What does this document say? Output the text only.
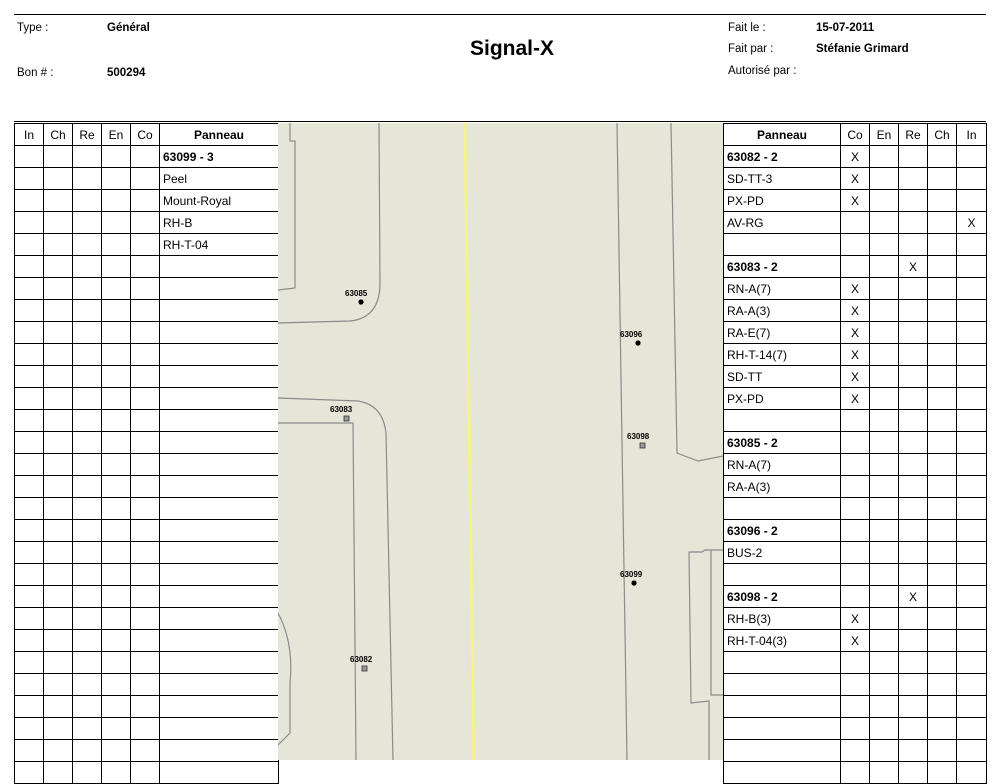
Type :	Général
Bon # :	500294
Signal-X
Fait le :	15-07-2011
Fait par :	Stéfanie Grimard
Autorisé par :
In	Ch	Re	En	Co	Panneau
					63099 - 3
					Peel
					Mount-Royal
					RH-B
					RH-T-04

63085
63096
63083
63098
63099
63082
Panneau	Co	En	Re	Ch	In
63082 - 2	X				
SD-TT-3	X				
PX-PD	X				
AV-RG					X

63083 - 2			X		
RN-A(7)	X				
RA-A(3)	X				
RA-E(7)	X				
RH-T-14(7)	X				
SD-TT	X				
PX-PD	X				

63085 - 2					
RN-A(7)					
RA-A(3)					

63096 - 2					
BUS-2					

63098 - 2			X		
RH-B(3)	X				
RH-T-04(3)	X				
